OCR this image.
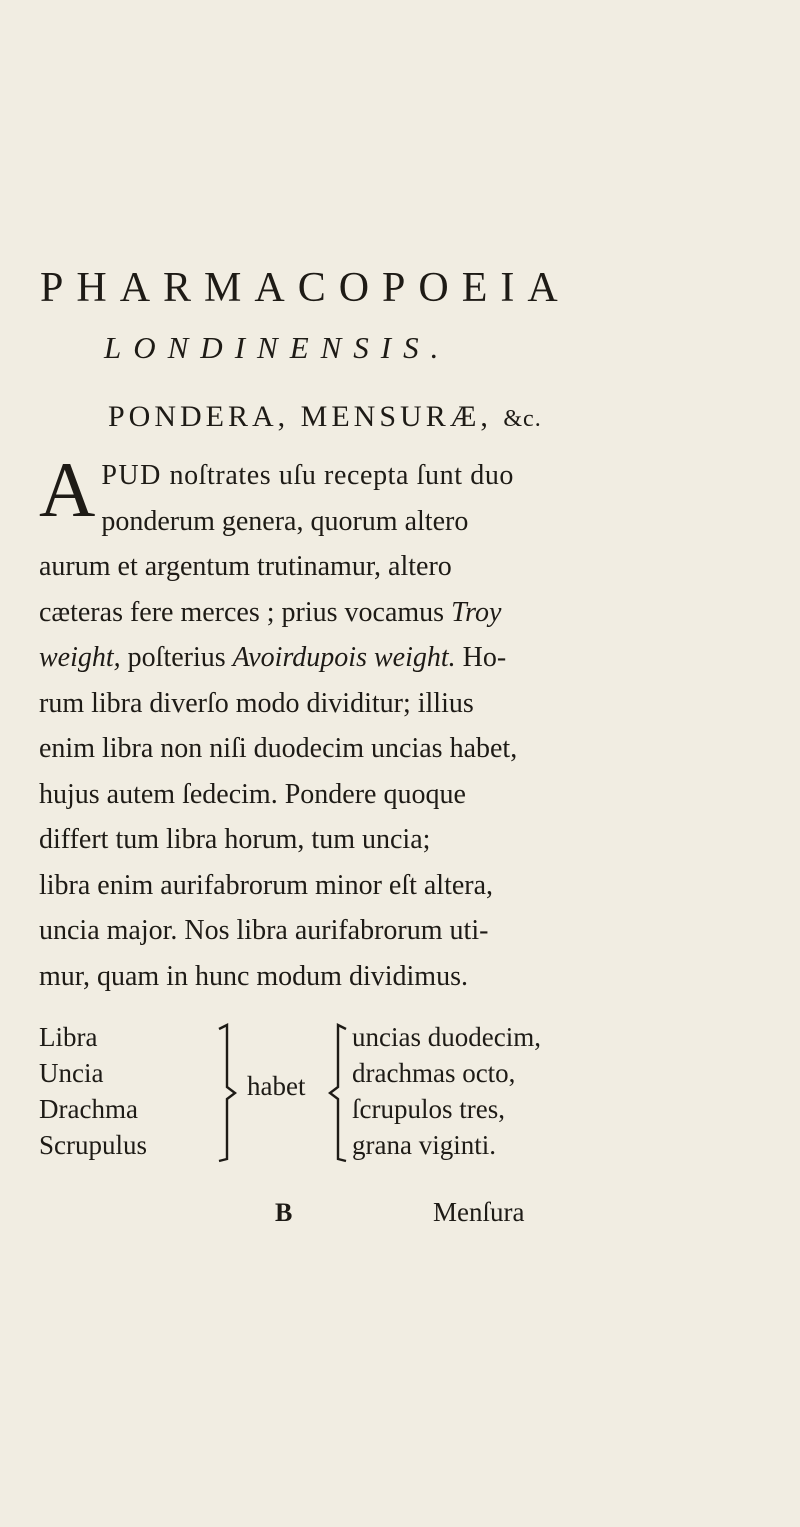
PHARMACOPOEIA
LONDINENSIS.
PONDERA, MENSURÆ, &c.
A PUD noſtrates uſu recepta ſunt duo
ponderum genera, quorum altero
aurum et argentum trutinamur, altero
cæteras fere merces ; prius vocamus Troy
weight, poſterius Avoirdupois weight. Ho-
rum libra diverſo modo dividitur; illius
enim libra non niſi duodecim uncias habet,
hujus autem ſedecim. Pondere quoque
differt tum libra horum, tum uncia;
libra enim aurifabrorum minor eſt altera,
uncia major. Nos libra aurifabrorum uti-
mur, quam in hunc modum dividimus.
Libra
Uncia
Drachma
Scrupulus
habet
uncias duodecim,
drachmas octo,
ſcrupulos tres,
grana viginti.
B	Menſura
